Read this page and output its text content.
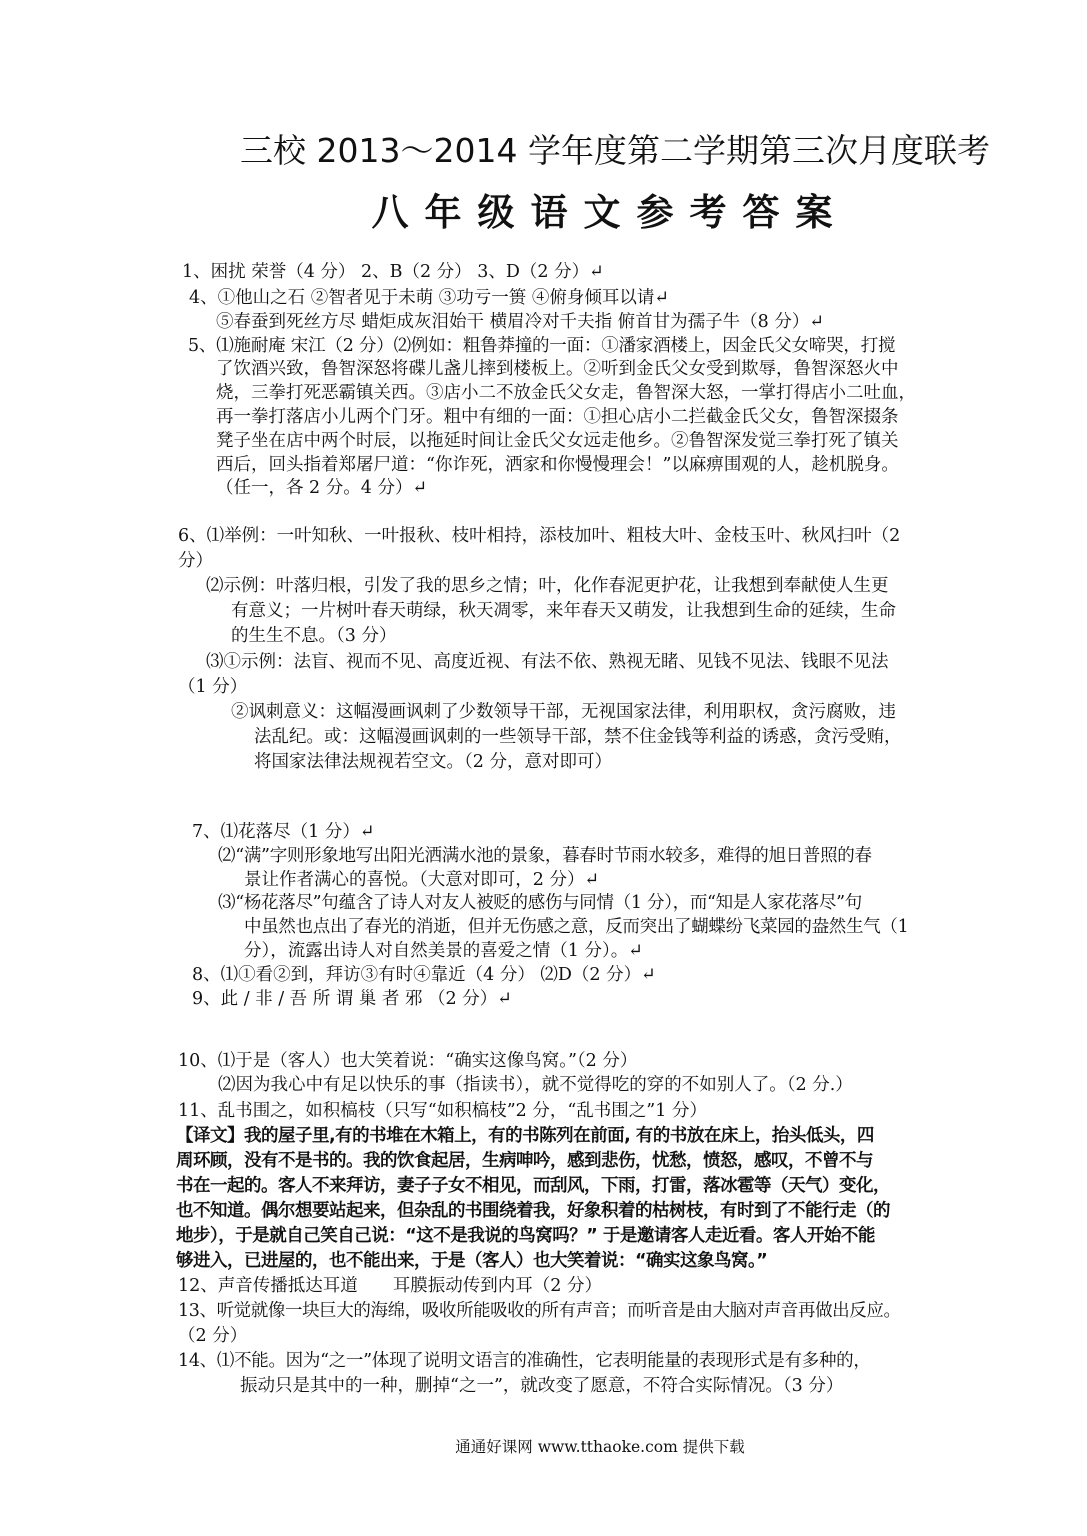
三校 2013～2014 学年度第二学期第三次月度联考
八年级语文参考答案
1、困扰 荣誉（4 分） 2、B（2 分） 3、D（2 分）↵
4、①他山之石 ②智者见于未萌 ③功亏一篑 ④俯身倾耳以请↵
⑤春蚕到死丝方尽 蜡炬成灰泪始干 横眉冷对千夫指 俯首甘为孺子牛（8 分）↵
5、⑴施耐庵 宋江（2 分）⑵例如：粗鲁莽撞的一面：①潘家酒楼上，因金氏父女啼哭，打搅
了饮酒兴致，鲁智深怒将碟儿盏儿摔到楼板上。②听到金氏父女受到欺辱，鲁智深怒火中
烧，三拳打死恶霸镇关西。③店小二不放金氏父女走，鲁智深大怒，一掌打得店小二吐血，
再一拳打落店小儿两个门牙。粗中有细的一面：①担心店小二拦截金氏父女，鲁智深掇条
凳子坐在店中两个时辰，以拖延时间让金氏父女远走他乡。②鲁智深发觉三拳打死了镇关
西后，回头指着郑屠尸道：“你诈死，洒家和你慢慢理会！”以麻痹围观的人，趁机脱身。
（任一，各 2 分。4 分）↵
6、⑴举例：一叶知秋、一叶报秋、枝叶相持，添枝加叶、粗枝大叶、金枝玉叶、秋风扫叶（2
分）
⑵示例：叶落归根，引发了我的思乡之情；叶，化作春泥更护花，让我想到奉献使人生更
有意义；一片树叶春天萌绿，秋天凋零，来年春天又萌发，让我想到生命的延续，生命
的生生不息。（3 分）
⑶①示例：法盲、视而不见、高度近视、有法不依、熟视无睹、见钱不见法、钱眼不见法
（1 分）
②讽刺意义：这幅漫画讽刺了少数领导干部，无视国家法律，利用职权，贪污腐败，违
法乱纪。或：这幅漫画讽刺的一些领导干部，禁不住金钱等利益的诱惑，贪污受贿，
将国家法律法规视若空文。（2 分，意对即可）
7、⑴花落尽（1 分）↵
⑵“满”字则形象地写出阳光洒满水池的景象，暮春时节雨水较多，难得的旭日普照的春
景让作者满心的喜悦。（大意对即可，2 分）↵
⑶“杨花落尽”句蕴含了诗人对友人被贬的感伤与同情（1 分），而“知是人家花落尽”句
中虽然也点出了春光的消逝，但并无伤感之意，反而突出了蝴蝶纷飞菜园的盎然生气（1
分），流露出诗人对自然美景的喜爱之情（1 分）。↵
8、⑴①看②到，拜访③有时④靠近（4 分） ⑵D（2 分）↵
9、此 / 非 / 吾 所 谓 巢 者 邪 （2 分）↵
10、⑴于是（客人）也大笑着说：“确实这像鸟窝。”（2 分）
⑵因为我心中有足以快乐的事（指读书），就不觉得吃的穿的不如别人了。（2 分.）
11、乱书围之，如积槁枝（只写“如积槁枝”2 分，“乱书围之”1 分）
【译文】我的屋子里,有的书堆在木箱上，有的书陈列在前面, 有的书放在床上，抬头低头，四
周环顾，没有不是书的。我的饮食起居，生病呻吟，感到悲伤，忧愁，愤怒，感叹，不曾不与
书在一起的。客人不来拜访，妻子子女不相见，而刮风，下雨，打雷，落冰雹等（天气）变化，
也不知道。偶尔想要站起来，但杂乱的书围绕着我，好象积着的枯树枝，有时到了不能行走（的
地步），于是就自己笑自己说：“这不是我说的鸟窝吗？” 于是邀请客人走近看。客人开始不能
够进入，已进屋的，也不能出来，于是（客人）也大笑着说：“确实这象鸟窝。”
12、声音传播抵达耳道　　耳膜振动传到内耳（2 分）
13、听觉就像一块巨大的海绵，吸收所能吸收的所有声音；而听音是由大脑对声音再做出反应。
（2 分）
14、⑴不能。因为“之一”体现了说明文语言的准确性，它表明能量的表现形式是有多种的，
振动只是其中的一种，删掉“之一”，就改变了愿意，不符合实际情况。（3 分）
通通好课网 www.tthaoke.com 提供下载
